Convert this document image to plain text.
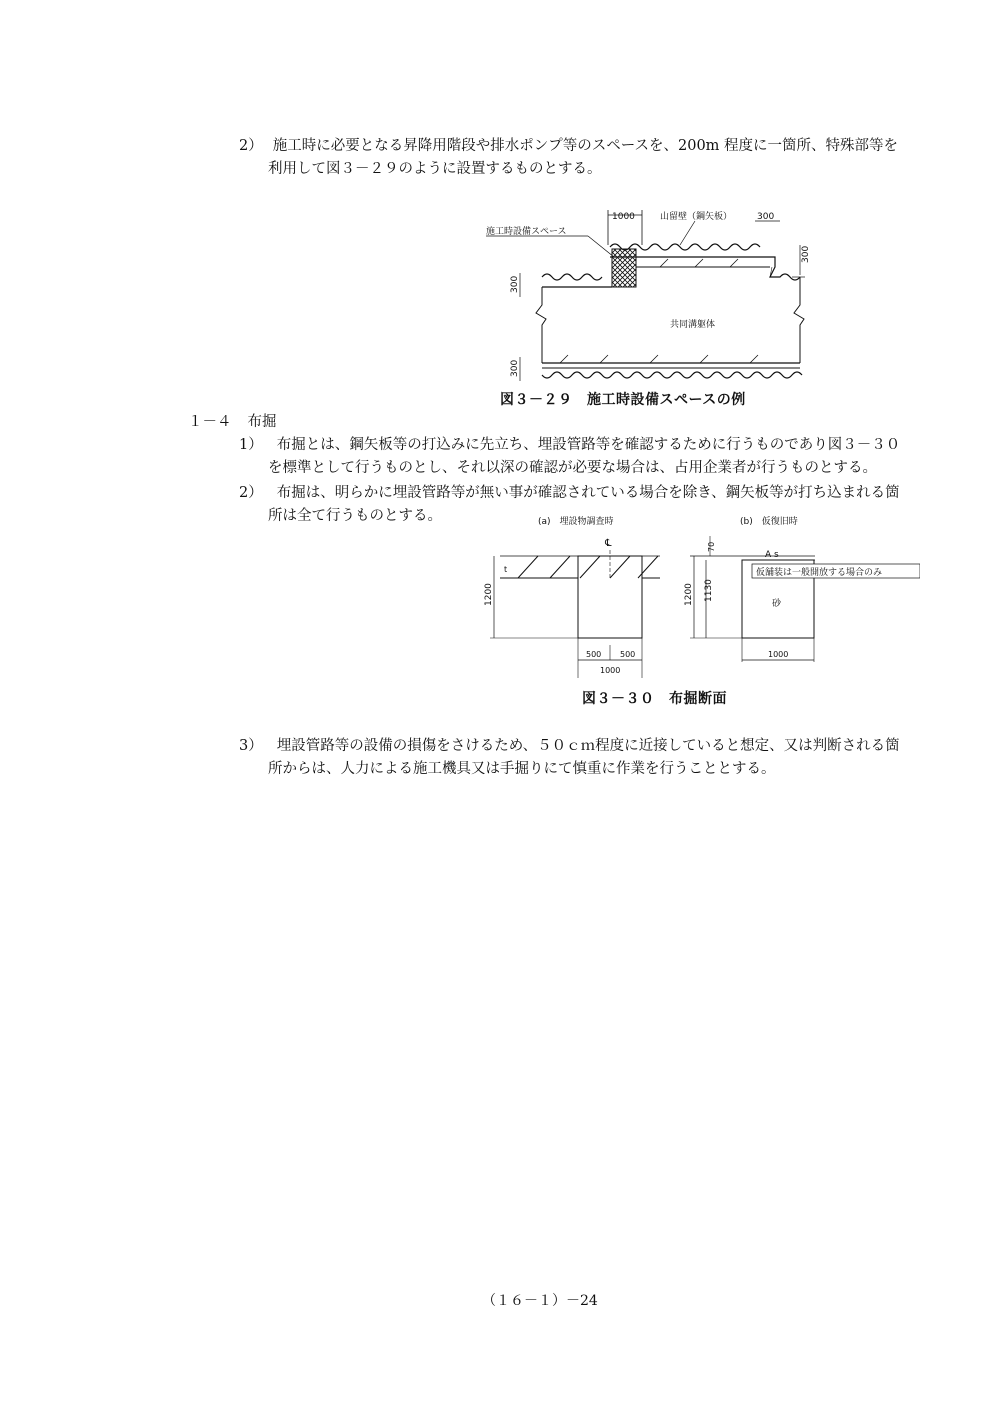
2） 施工時に必要となる昇降用階段や排水ポンプ等のスペースを、200m 程度に一箇所、特殊部等を
利用して図３－２９のように設置するものとする。
1000	山留壁（鋼矢板）	300
施工時設備スペース
300
300
共同溝躯体
300
図３－２９　施工時設備スペースの例
１－４ 布掘
1） 布掘とは、鋼矢板等の打込みに先立ち、埋設管路等を確認するために行うものであり図３－３０
を標準として行うものとし、それ以深の確認が必要な場合は、占用企業者が行うものとする。
2） 布掘は、明らかに埋設管路等が無い事が確認されている場合を除き、鋼矢板等が打ち込まれる箇
所は全て行うものとする。	(a)　埋設物調査時	(b)　仮復旧時
℄
t
1200
500 500
1000
70
A s
仮舗装は一般開放する場合のみ
砂
1200 1130
1000
図３－３０　布掘断面
3） 埋設管路等の設備の損傷をさけるため、５０ｃｍ程度に近接していると想定、又は判断される箇
所からは、人力による施工機具又は手掘りにて慎重に作業を行うこととする。
（１６－１）－24
